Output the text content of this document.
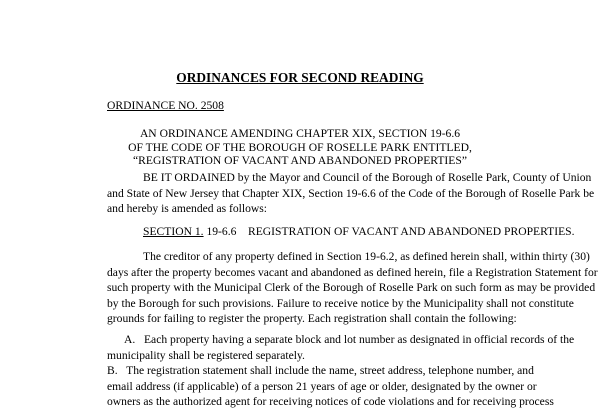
ORDINANCES FOR SECOND READING

ORDINANCE NO. 2508

AN ORDINANCE AMENDING CHAPTER XIX, SECTION 19-6.6
OF THE CODE OF THE BOROUGH OF ROSELLE PARK ENTITLED,
“REGISTRATION OF VACANT AND ABANDONED PROPERTIES”
BE IT ORDAINED by the Mayor and Council of the Borough of Roselle Park, County of Union
and State of New Jersey that Chapter XIX, Section 19-6.6 of the Code of the Borough of Roselle Park be
and hereby is amended as follows:

SECTION 1. 19-6.6    REGISTRATION OF VACANT AND ABANDONED PROPERTIES.

The creditor of any property defined in Section 19-6.2, as defined herein shall, within thirty (30)
days after the property becomes vacant and abandoned as defined herein, file a Registration Statement for
such property with the Municipal Clerk of the Borough of Roselle Park on such form as may be provided
by the Borough for such provisions. Failure to receive notice by the Municipality shall not constitute
grounds for failing to register the property. Each registration shall contain the following:
A.   Each property having a separate block and lot number as designated in official records of the
municipality shall be registered separately.
B.   The registration statement shall include the name, street address, telephone number, and
email address (if applicable) of a person 21 years of age or older, designated by the owner or
owners as the authorized agent for receiving notices of code violations and for receiving process
